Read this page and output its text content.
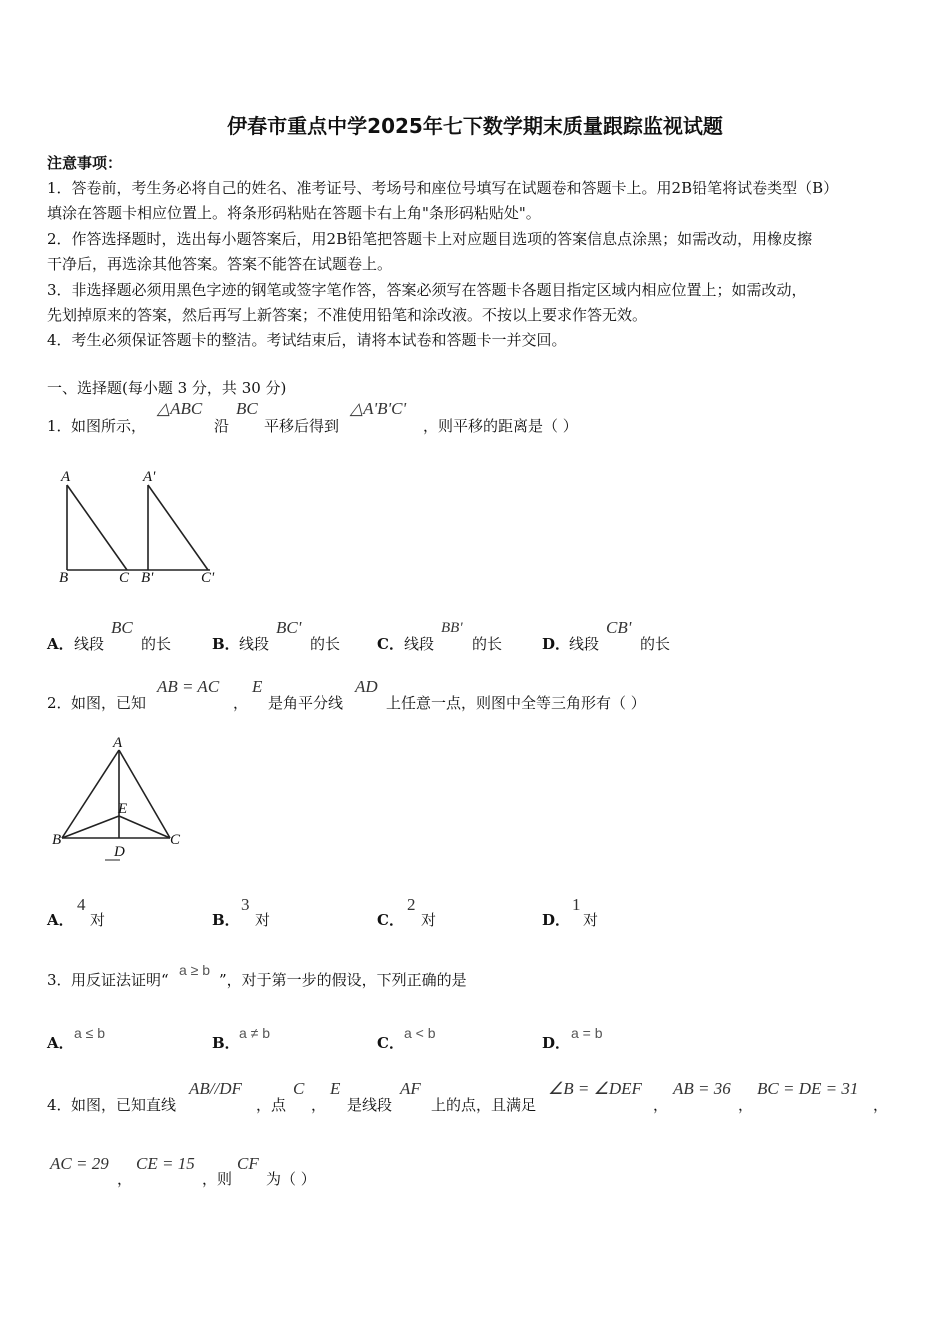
伊春市重点中学2025年七下数学期末质量跟踪监视试题
注意事项：
1．答卷前，考生务必将自己的姓名、准考证号、考场号和座位号填写在试题卷和答题卡上。用2B铅笔将试卷类型（B）
填涂在答题卡相应位置上。将条形码粘贴在答题卡右上角"条形码粘贴处"。
2．作答选择题时，选出每小题答案后，用2B铅笔把答题卡上对应题目选项的答案信息点涂黑；如需改动，用橡皮擦
干净后，再选涂其他答案。答案不能答在试题卷上。
3．非选择题必须用黑色字迹的钢笔或签字笔作答，答案必须写在答题卡各题目指定区域内相应位置上；如需改动，
先划掉原来的答案，然后再写上新答案；不准使用铅笔和涂改液。不按以上要求作答无效。
4．考生必须保证答题卡的整洁。考试结束后，请将本试卷和答题卡一并交回。
一、选择题(每小题 3 分，共 30 分)
1． 如图所示，
△ABC
沿
BC
平移后得到
△A'B'C'
，则平移的距离是（ ）
A
B	C
A'
B'	C'
A． 线段
BC
的长	B． 线段
BC'
的长 C． 线段
BB'
的长	D．
线段
CB'
的长
2． 如图，已知
AB = AC
，
E
是角平分线
AD
上任意一点，则图中全等三角形有（ ）
A
B	C
D
E
A．
4
对	B．
3
对	C．
2
对	D．
1
对
3． 用反证法证明“
a ≥ b
”，对于第一步的假设，下列正确的是
A．
a ≤ b
B．
a ≠ b
C．
a < b
D．
a = b
4． 如图，已知直线
AB//DF
，点
C
，
E
是线段
AF
上的点，且满足
∠B = ∠DEF
，
AB = 36
，
BC = DE = 31
，
AC = 29
，
CE = 15
，则
CF
为（ ）
